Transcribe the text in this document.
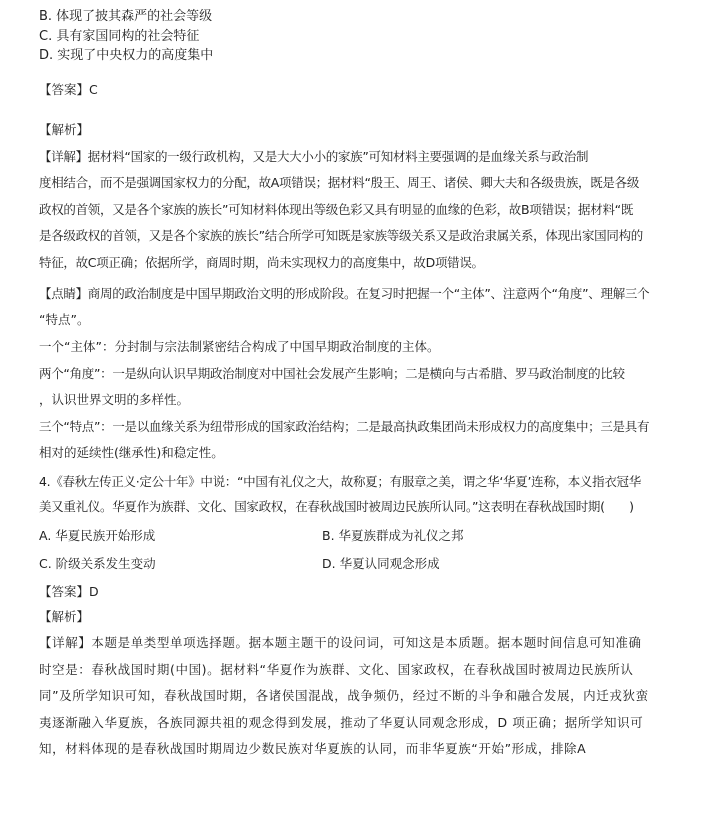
B. 体现了披其森严的社会等级
C. 具有家国同构的社会特征
D. 实现了中央权力的高度集中
【答案】C
【解析】
【详解】据材料“国家的一级行政机构，又是大大小小的家族”可知材料主要强调的是血缘关系与政治制
度相结合，而不是强调国家权力的分配，故A项错误；据材料“殷王、周王、诸侯、卿大夫和各级贵族，既是各级
政权的首领，又是各个家族的族长”可知材料体现出等级色彩又具有明显的血缘的色彩，故B项错误；据材料“既
是各级政权的首领，又是各个家族的族长”结合所学可知既是家族等级关系又是政治隶属关系，体现出家国同构的
特征，故C项正确；依据所学，商周时期，尚未实现权力的高度集中，故D项错误。
【点睛】商周的政治制度是中国早期政治文明的形成阶段。在复习时把握一个“主体”、注意两个“角度”、理解三个
“特点”。
一个“主体”：分封制与宗法制紧密结合构成了中国早期政治制度的主体。
两个“角度”：一是纵向认识早期政治制度对中国社会发展产生影响；二是横向与古希腊、罗马政治制度的比较
，认识世界文明的多样性。
三个“特点”：一是以血缘关系为纽带形成的国家政治结构；二是最高执政集团尚未形成权力的高度集中；三是具有
相对的延续性(继承性)和稳定性。
4.《春秋左传正义·定公十年》中说：“中国有礼仪之大，故称夏；有服章之美，谓之华‘华夏’连称，本义指衣冠华
美又重礼仪。华夏作为族群、文化、国家政权，在春秋战国时被周边民族所认同。”这表明在春秋战国时期(　　)
A. 华夏民族开始形成	B. 华夏族群成为礼仪之邦
C. 阶级关系发生变动	D. 华夏认同观念形成
【答案】D
【解析】
【详解】本题是单类型单项选择题。据本题主题干的设问词，可知这是本质题。据本题时间信息可知准确
时空是：春秋战国时期(中国)。据材料“华夏作为族群、文化、国家政权，在春秋战国时被周边民族所认
同”及所学知识可知，春秋战国时期，各诸侯国混战，战争频仍，经过不断的斗争和融合发展，内迁戎狄蛮
夷逐渐融入华夏族，各族同源共祖的观念得到发展，推动了华夏认同观念形成，D 项正确；据所学知识可
知，材料体现的是春秋战国时期周边少数民族对华夏族的认同，而非华夏族“开始”形成，排除A
